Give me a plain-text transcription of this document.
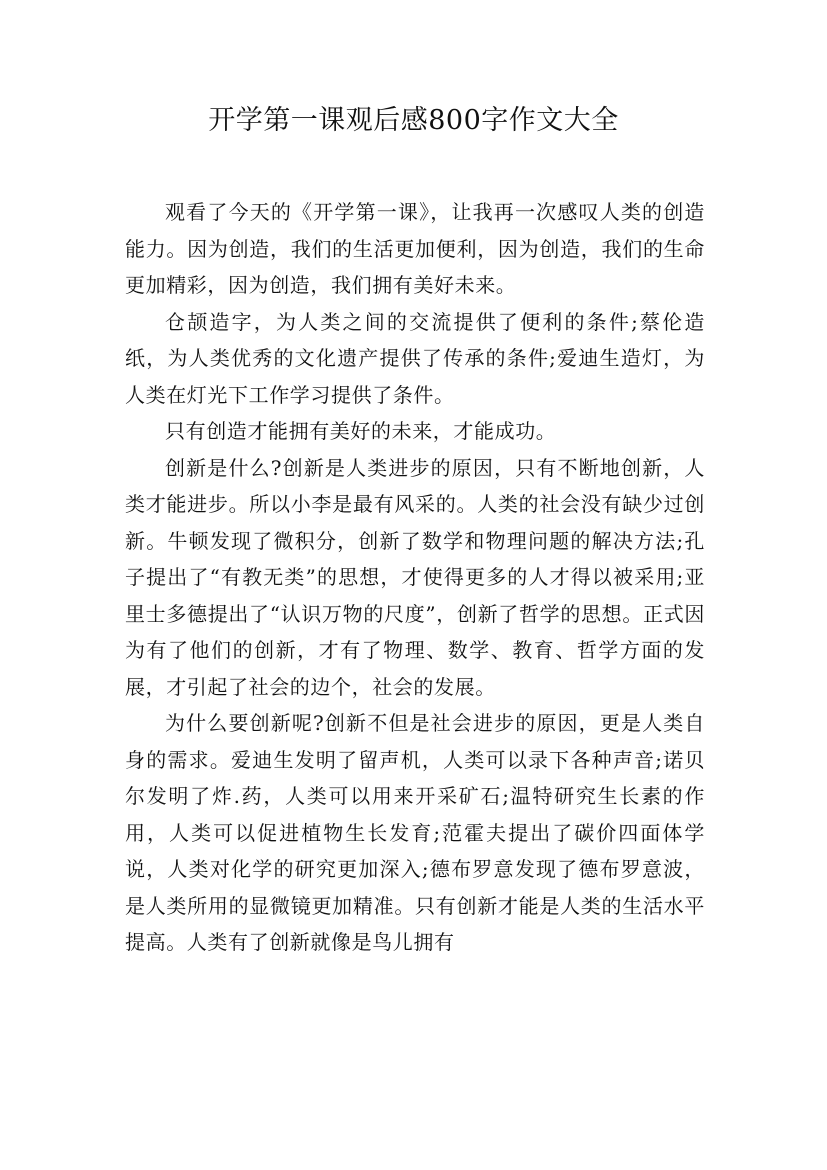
开学第一课观后感800字作文大全

观看了今天的《开学第一课》，让我再一次感叹人类的创造能力。因为创造，我们的生活更加便利，因为创造，我们的生命更加精彩，因为创造，我们拥有美好未来。

仓颉造字，为人类之间的交流提供了便利的条件;蔡伦造纸，为人类优秀的文化遗产提供了传承的条件;爱迪生造灯，为人类在灯光下工作学习提供了条件。

只有创造才能拥有美好的未来，才能成功。

创新是什么?创新是人类进步的原因，只有不断地创新，人类才能进步。所以小李是最有风采的。人类的社会没有缺少过创新。牛顿发现了微积分，创新了数学和物理问题的解决方法;孔子提出了“有教无类”的思想，才使得更多的人才得以被采用;亚里士多德提出了“认识万物的尺度”，创新了哲学的思想。正式因为有了他们的创新，才有了物理、数学、教育、哲学方面的发展，才引起了社会的边个，社会的发展。

为什么要创新呢?创新不但是社会进步的原因，更是人类自身的需求。爱迪生发明了留声机，人类可以录下各种声音;诺贝尔发明了炸.药，人类可以用来开采矿石;温特研究生长素的作用，人类可以促进植物生长发育;范霍夫提出了碳价四面体学说，人类对化学的研究更加深入;德布罗意发现了德布罗意波，是人类所用的显微镜更加精准。只有创新才能是人类的生活水平提高。人类有了创新就像是鸟儿拥有
